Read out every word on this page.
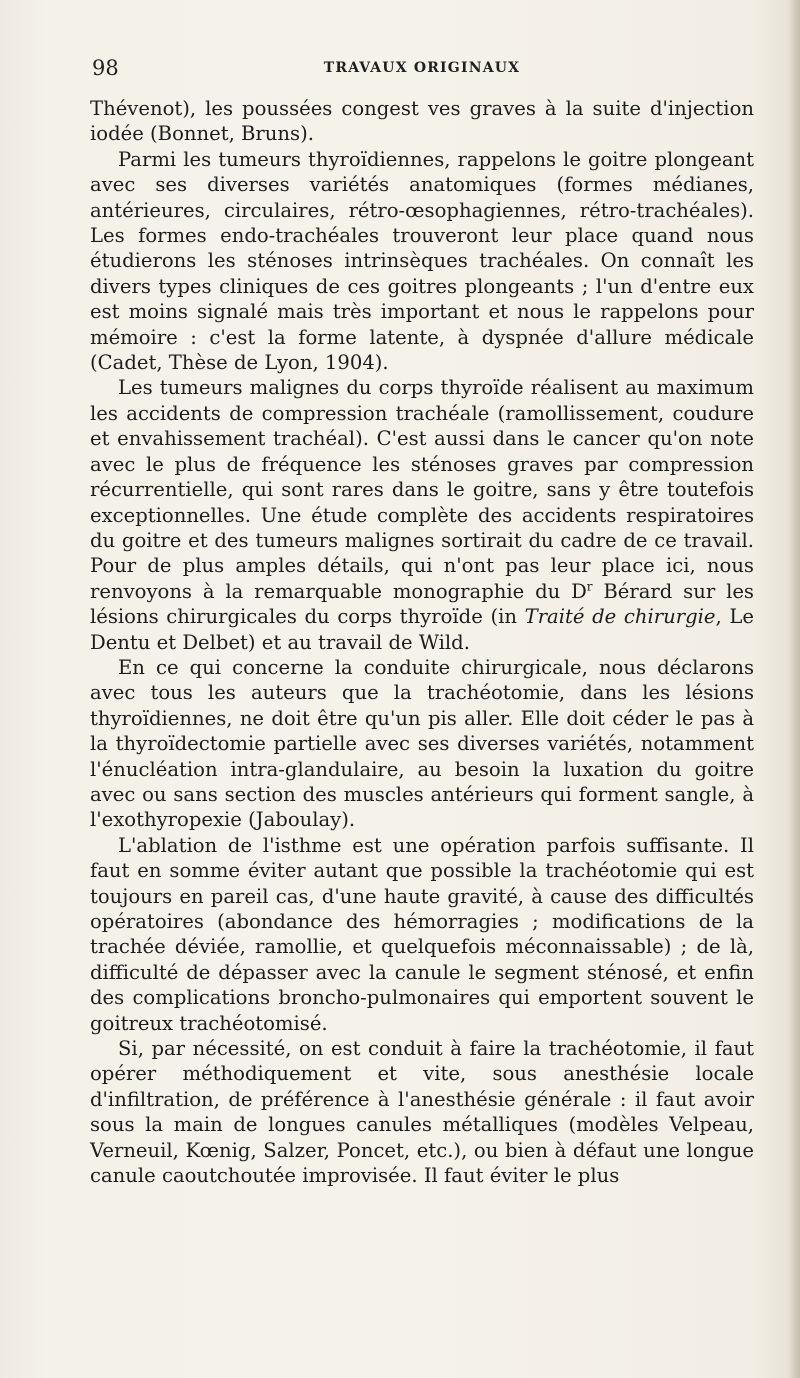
98	TRAVAUX ORIGINAUX

Thévenot), les poussées congest ves graves à la suite d'injection iodée (Bonnet, Bruns).

Parmi les tumeurs thyroïdiennes, rappelons le goitre plongeant avec ses diverses variétés anatomiques (formes médianes, antérieures, circulaires, rétro-œsophagiennes, rétro-trachéales). Les formes endo-trachéales trouveront leur place quand nous étudierons les sténoses intrinsèques trachéales. On connaît les divers types cliniques de ces goitres plongeants ; l'un d'entre eux est moins signalé mais très important et nous le rappelons pour mémoire : c'est la forme latente, à dyspnée d'allure médicale (Cadet, Thèse de Lyon, 1904).

Les tumeurs malignes du corps thyroïde réalisent au maximum les accidents de compression trachéale (ramollissement, coudure et envahissement trachéal). C'est aussi dans le cancer qu'on note avec le plus de fréquence les sténoses graves par compression récurrentielle, qui sont rares dans le goitre, sans y être toutefois exceptionnelles. Une étude complète des accidents respiratoires du goitre et des tumeurs malignes sortirait du cadre de ce travail. Pour de plus amples détails, qui n'ont pas leur place ici, nous renvoyons à la remarquable monographie du $D^r$ Bérard sur les lésions chirurgicales du corps thyroïde (in Traité de chirurgie, Le Dentu et Delbet) et au travail de Wild.

En ce qui concerne la conduite chirurgicale, nous déclarons avec tous les auteurs que la trachéotomie, dans les lésions thyroïdiennes, ne doit être qu'un pis aller. Elle doit céder le pas à la thyroïdectomie partielle avec ses diverses variétés, notamment l'énucléation intra-glandulaire, au besoin la luxation du goitre avec ou sans section des muscles antérieurs qui forment sangle, à l'exothyropexie (Jaboulay).

L'ablation de l'isthme est une opération parfois suffisante. Il faut en somme éviter autant que possible la trachéotomie qui est toujours en pareil cas, d'une haute gravité, à cause des difficultés opératoires (abondance des hémorragies ; modifications de la trachée déviée, ramollie, et quelquefois méconnaissable) ; de là, difficulté de dépasser avec la canule le segment sténosé, et enfin des complications broncho-pulmonaires qui emportent souvent le goitreux trachéotomisé.

Si, par nécessité, on est conduit à faire la trachéotomie, il faut opérer méthodiquement et vite, sous anesthésie locale d'infiltration, de préférence à l'anesthésie générale : il faut avoir sous la main de longues canules métalliques (modèles Velpeau, Verneuil, Kœnig, Salzer, Poncet, etc.), ou bien à défaut une longue canule caoutchoutée improvisée. Il faut éviter le plus
